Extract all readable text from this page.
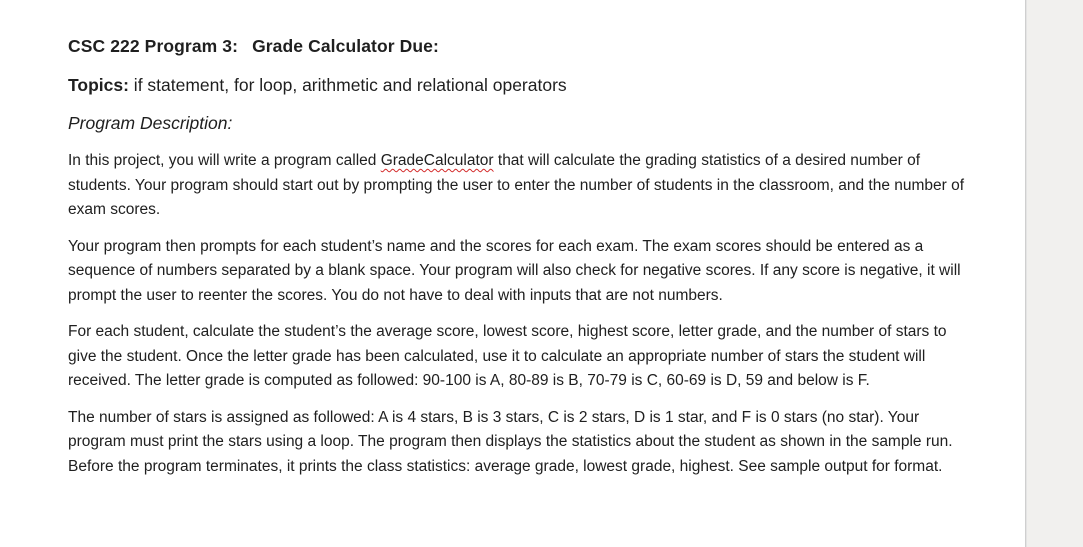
CSC 222 Program 3: Grade Calculator Due:
Topics: if statement, for loop, arithmetic and relational operators
Program Description:

In this project, you will write a program called GradeCalculator that will calculate the grading statistics of a desired number of students. Your program should start out by prompting the user to enter the number of students in the classroom, and the number of exam scores.

Your program then prompts for each student’s name and the scores for each exam. The exam scores should be entered as a sequence of numbers separated by a blank space. Your program will also check for negative scores. If any score is negative, it will prompt the user to reenter the scores. You do not have to deal with inputs that are not numbers.

For each student, calculate the student’s the average score, lowest score, highest score, letter grade, and the number of stars to give the student. Once the letter grade has been calculated, use it to calculate an appropriate number of stars the student will received. The letter grade is computed as followed: 90-100 is A, 80-89 is B, 70-79 is C, 60-69 is D, 59 and below is F.

The number of stars is assigned as followed: A is 4 stars, B is 3 stars, C is 2 stars, D is 1 star, and F is 0 stars (no star). Your program must print the stars using a loop. The program then displays the statistics about the student as shown in the sample run. Before the program terminates, it prints the class statistics: average grade, lowest grade, highest. See sample output for format.
